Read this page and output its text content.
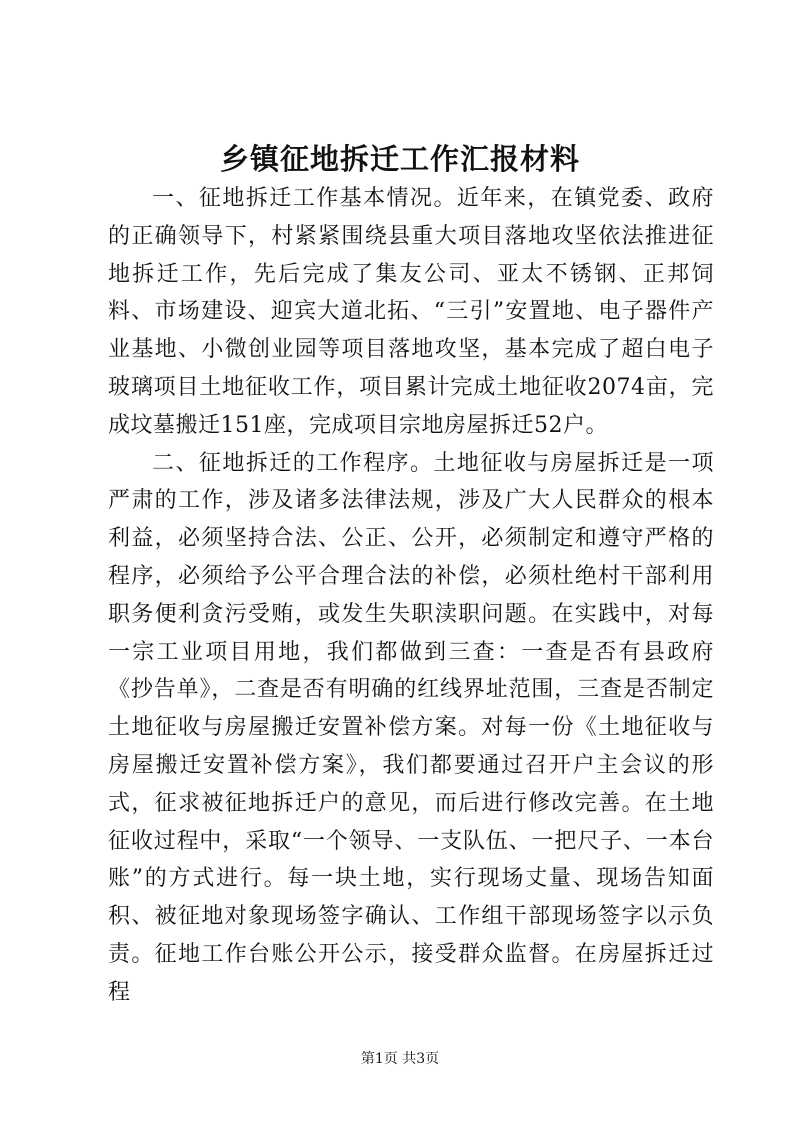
乡镇征地拆迁工作汇报材料

一、征地拆迁工作基本情况。近年来，在镇党委、政府的正确领导下，村紧紧围绕县重大项目落地攻坚依法推进征地拆迁工作，先后完成了集友公司、亚太不锈钢、正邦饲料、市场建设、迎宾大道北拓、“三引”安置地、电子器件产业基地、小微创业园等项目落地攻坚，基本完成了超白电子玻璃项目土地征收工作，项目累计完成土地征收2074亩，完成坟墓搬迁151座，完成项目宗地房屋拆迁52户。

二、征地拆迁的工作程序。土地征收与房屋拆迁是一项严肃的工作，涉及诸多法律法规，涉及广大人民群众的根本利益，必须坚持合法、公正、公开，必须制定和遵守严格的程序，必须给予公平合理合法的补偿，必须杜绝村干部利用职务便利贪污受贿，或发生失职渎职问题。在实践中，对每一宗工业项目用地，我们都做到三查：一查是否有县政府《抄告单》，二查是否有明确的红线界址范围，三查是否制定土地征收与房屋搬迁安置补偿方案。对每一份《土地征收与房屋搬迁安置补偿方案》，我们都要通过召开户主会议的形式，征求被征地拆迁户的意见，而后进行修改完善。在土地征收过程中，采取“一个领导、一支队伍、一把尺子、一本台账”的方式进行。每一块土地，实行现场丈量、现场告知面积、被征地对象现场签字确认、工作组干部现场签字以示负责。征地工作台账公开公示，接受群众监督。在房屋拆迁过程

第1页 共3页
